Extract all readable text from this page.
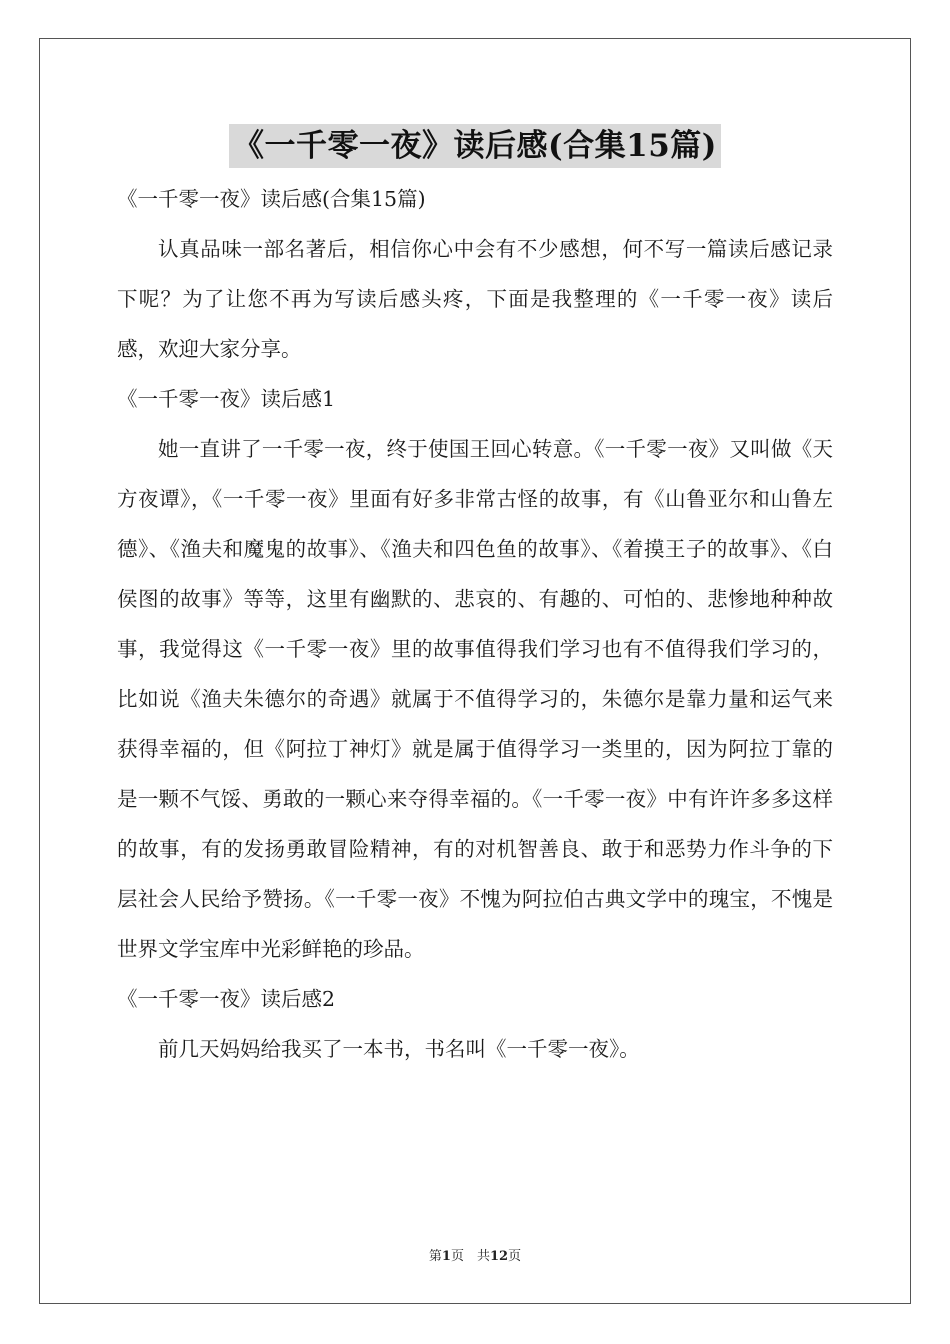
《一千零一夜》读后感(合集15篇)

《一千零一夜》读后感(合集15篇)

认真品味一部名著后，相信你心中会有不少感想，何不写一篇读后感记录下呢？为了让您不再为写读后感头疼，下面是我整理的《一千零一夜》读后感，欢迎大家分享。

《一千零一夜》读后感1

她一直讲了一千零一夜，终于使国王回心转意。《一千零一夜》又叫做《天方夜谭》，《一千零一夜》里面有好多非常古怪的故事，有《山鲁亚尔和山鲁左德》、《渔夫和魔鬼的故事》、《渔夫和四色鱼的故事》、《着摸王子的故事》、《白侯图的故事》等等，这里有幽默的、悲哀的、有趣的、可怕的、悲惨地种种故事，我觉得这《一千零一夜》里的故事值得我们学习也有不值得我们学习的，比如说《渔夫朱德尔的奇遇》就属于不值得学习的，朱德尔是靠力量和运气来获得幸福的，但《阿拉丁神灯》就是属于值得学习一类里的，因为阿拉丁靠的是一颗不气馁、勇敢的一颗心来夺得幸福的。《一千零一夜》中有许许多多这样的故事，有的发扬勇敢冒险精神，有的对机智善良、敢于和恶势力作斗争的下层社会人民给予赞扬。《一千零一夜》不愧为阿拉伯古典文学中的瑰宝，不愧是世界文学宝库中光彩鲜艳的珍品。

《一千零一夜》读后感2

前几天妈妈给我买了一本书，书名叫《一千零一夜》。

第1页　共12页
